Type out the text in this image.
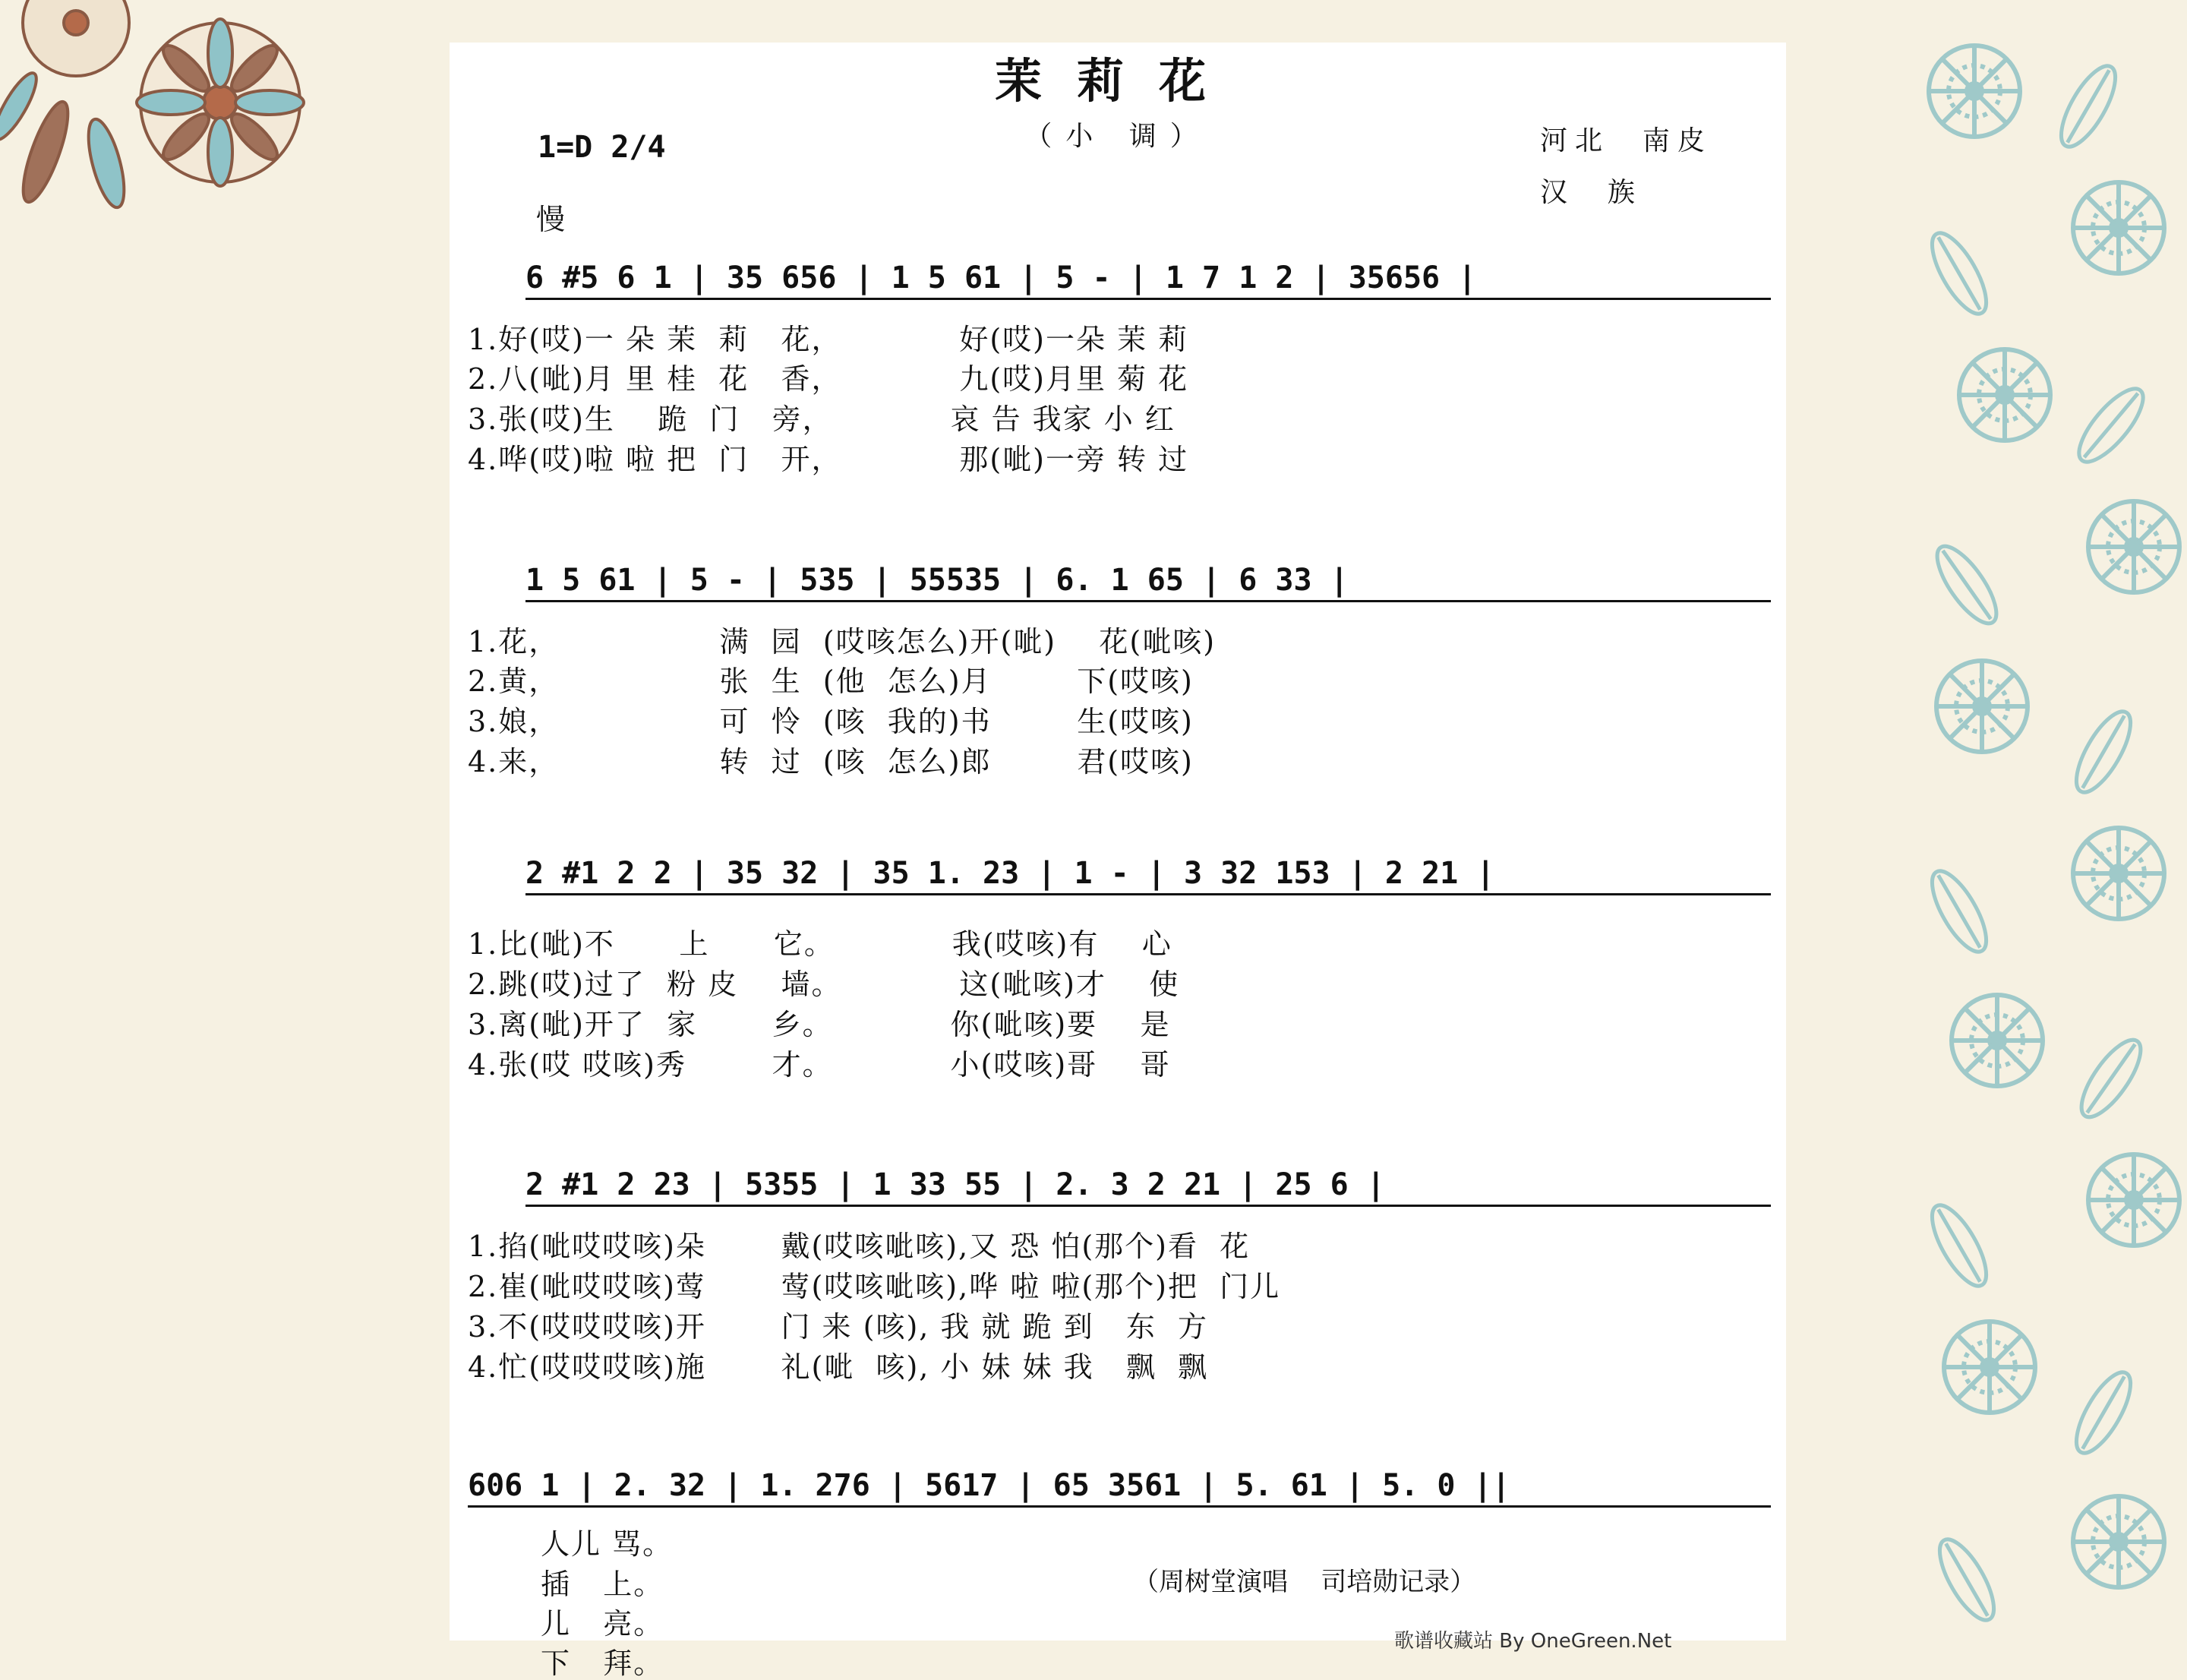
茉莉花
（小 调）
1=D 2/4
慢
河北  南皮
汉  族
6 #5 6 1 | 35 656 | 1 5 61 | 5 - | 1 7 1 2 | 35656 |
1.好(哎)一 朵 茉  莉   花，           好(哎)一朵 茉 莉
2.八(呲)月 里 桂  花   香，           九(哎)月里 菊 花
3.张(哎)生    跪  门   旁，           哀 告 我家 小 红
4.哗(哎)啦 啦 把  门   开，           那(呲)一旁 转 过
1 5 61 | 5 - | 535 | 55535 | 6. 1 65 | 6 33 |
1.花，               满  园  (哎咳怎么)开(呲)    花(呲咳)
2.黄，               张  生  (他  怎么)月        下(哎咳)
3.娘，               可  怜  (咳  我的)书        生(哎咳)
4.来，               转  过  (咳  怎么)郎        君(哎咳)
2 #1 2 2 | 35 32 | 35 1. 23 | 1 - | 3 32 153 | 2 21 |
1.比(呲)不      上      它。           我(哎咳)有    心
2.跳(哎)过了  粉 皮    墙。           这(呲咳)才    使
3.离(呲)开了  家       乡。           你(呲咳)要    是
4.张(哎 哎咳)秀        才。           小(哎咳)哥    哥
2 #1 2 23 | 5355 | 1 33 55 | 2. 3 2 21 | 25 6 |
1.掐(呲哎哎咳)朵       戴(哎咳呲咳),又 恐 怕(那个)看  花
2.崔(呲哎哎咳)莺       莺(哎咳呲咳),哗 啦 啦(那个)把  门儿
3.不(哎哎哎咳)开       门 来 (咳), 我 就 跪 到   东  方
4.忙(哎哎哎咳)施       礼(呲  咳), 小 妹 妹 我   飘  飘
606 1 | 2. 32 | 1. 276 | 5617 | 65 3561 | 5. 61 | 5. 0 ||
人儿 骂。
插   上。
儿   亮。
下   拜。
（周树堂演唱    司培勋记录）
歌谱收藏站 By OneGreen.Net
